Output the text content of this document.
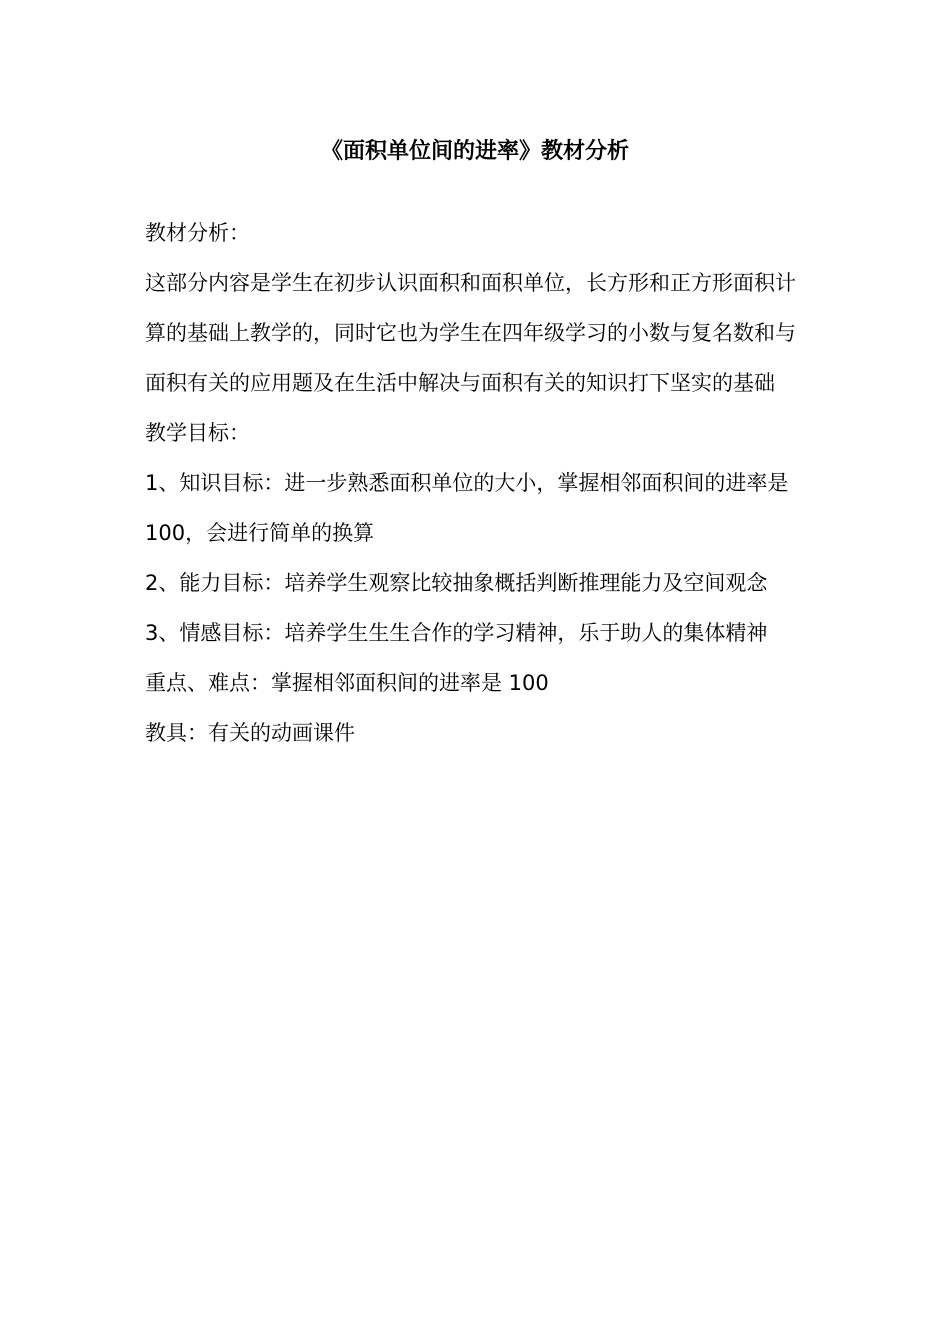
《面积单位间的进率》教材分析

教材分析：

这部分内容是学生在初步认识面积和面积单位，长方形和正方形面积计算的基础上教学的，同时它也为学生在四年级学习的小数与复名数和与面积有关的应用题及在生活中解决与面积有关的知识打下坚实的基础

教学目标：

1、知识目标：进一步熟悉面积单位的大小，掌握相邻面积间的进率是 100，会进行简单的换算

2、能力目标：培养学生观察比较抽象概括判断推理能力及空间观念

3、情感目标：培养学生生生合作的学习精神，乐于助人的集体精神

重点、难点：掌握相邻面积间的进率是 100

教具：有关的动画课件
